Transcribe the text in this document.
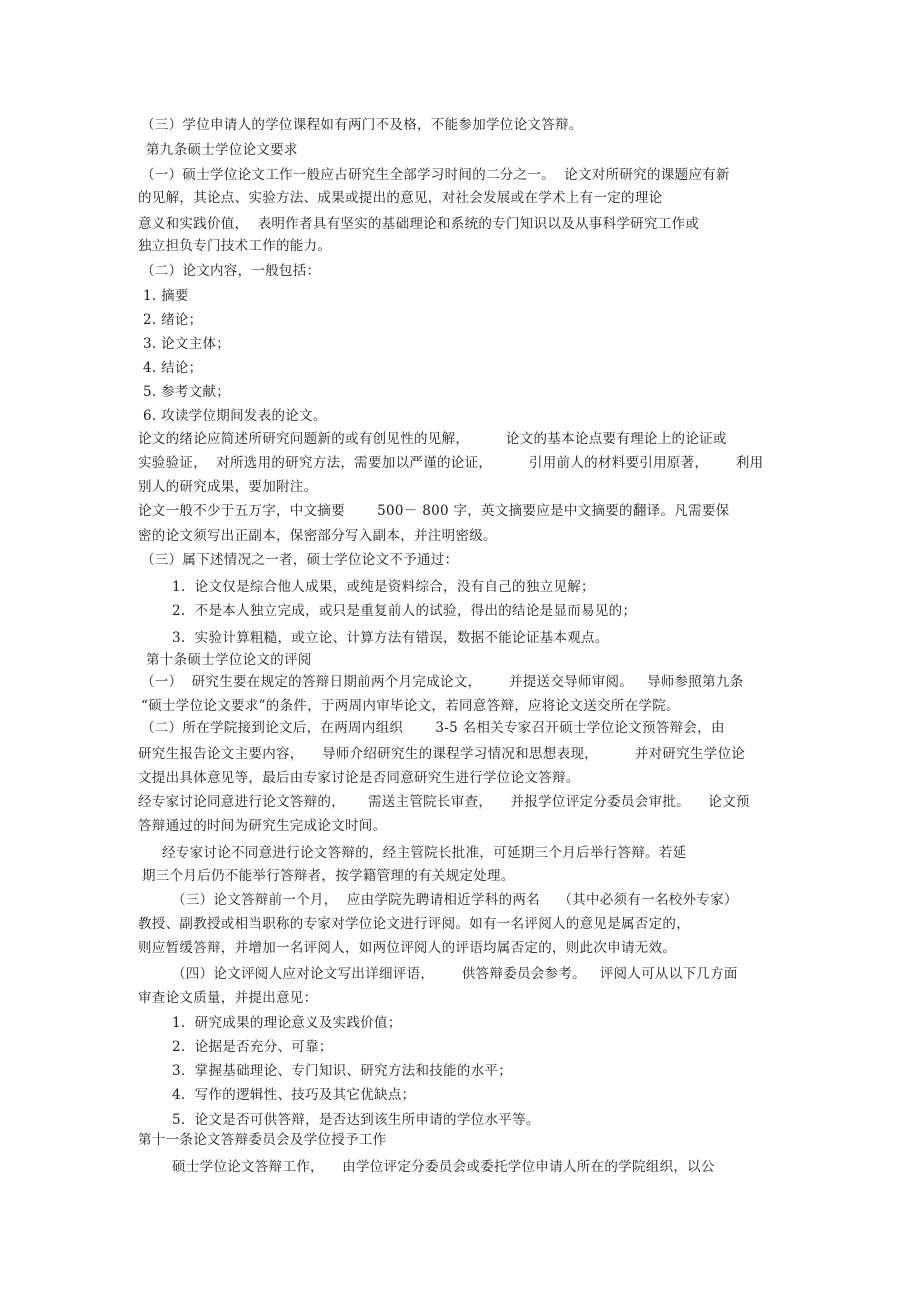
（三）学位申请人的学位课程如有两门不及格，不能参加学位论文答辩。
第九条硕士学位论文要求
（一）硕士学位论文工作一般应占研究生全部学习时间的二分之一。  论文对所研究的课题应有新
的见解，其论点、实验方法、成果或提出的意见，对社会发展或在学术上有一定的理论
意义和实践价值，  表明作者具有坚实的基础理论和系统的专门知识以及从事科学研究工作或
独立担负专门技术工作的能力。
（二）论文内容，一般包括：
1. 摘要
2. 绪论；
3. 论文主体；
4. 结论；
5. 参考文献；
6. 攻读学位期间发表的论文。
论文的绪论应简述所研究问题新的或有创见性的见解，        论文的基本论点要有理论上的论证或
实验验证，  对所选用的研究方法，需要加以严谨的论证，        引用前人的材料要引用原著，      利用
别人的研究成果，要加附注。
论文一般不少于五万字，中文摘要       500－ 800 字，英文摘要应是中文摘要的翻译。凡需要保
密的论文须写出正副本，保密部分写入副本，并注明密级。
（三）属下述情况之一者，硕士学位论文不予通过：
1.  论文仅是综合他人成果，或纯是资料综合，没有自己的独立见解；
2.  不是本人独立完成，或只是重复前人的试验，得出的结论是显而易见的；
3.  实验计算粗糙，或立论、计算方法有错误，数据不能论证基本观点。
第十条硕士学位论文的评阅
（一）  研究生要在规定的答辩日期前两个月完成论文，      并提送交导师审阅。   导师参照第九条
“硕士学位论文要求”的条件，于两周内审毕论文，若同意答辩，应将论文送交所在学院。
（二）所在学院接到论文后，在两周内组织       3-5 名相关专家召开硕士学位论文预答辩会，由
研究生报告论文主要内容，    导师介绍研究生的课程学习情况和思想表现，        并对研究生学位论
文提出具体意见等，最后由专家讨论是否同意研究生进行学位论文答辩。
经专家讨论同意进行论文答辩的，     需送主管院长审查，    并报学位评定分委员会审批。    论文预
答辩通过的时间为研究生完成论文时间。
经专家讨论不同意进行论文答辩的，经主管院长批准，可延期三个月后举行答辩。若延
期三个月后仍不能举行答辩者，按学籍管理的有关规定处理。
（三）论文答辩前一个月，  应由学院先聘请相近学科的两名    （其中必须有一名校外专家）
教授、副教授或相当职称的专家对学位论文进行评阅。如有一名评阅人的意见是属否定的，
则应暂缓答辩，并增加一名评阅人，如两位评阅人的评语均属否定的，则此次申请无效。
（四）论文评阅人应对论文写出详细评语，      供答辩委员会参考。   评阅人可从以下几方面
审查论文质量，并提出意见：
1.  研究成果的理论意义及实践价值；
2.  论据是否充分、可靠；
3.  掌握基础理论、专门知识、研究方法和技能的水平；
4.  写作的逻辑性、技巧及其它优缺点；
5.  论文是否可供答辩，是否达到该生所申请的学位水平等。
第十一条论文答辩委员会及学位授予工作
硕士学位论文答辩工作，    由学位评定分委员会或委托学位申请人所在的学院组织，以公
